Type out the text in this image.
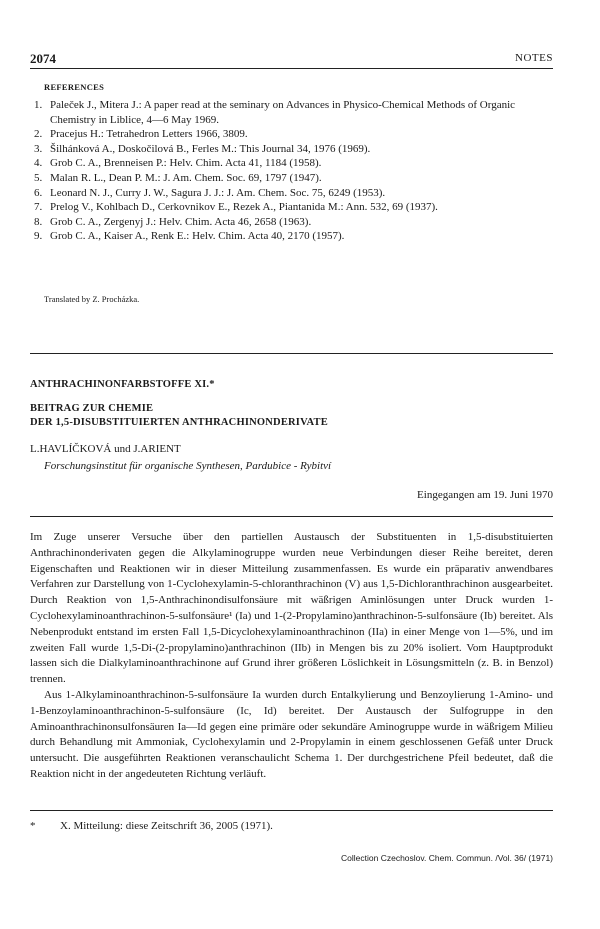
2074	NOTES
REFERENCES
1. Paleček J., Mitera J.: A paper read at the seminary on Advances in Physico-Chemical Methods of Organic Chemistry in Liblice, 4—6 May 1969.
2. Pracejus H.: Tetrahedron Letters 1966, 3809.
3. Šilhánková A., Doskočilová B., Ferles M.: This Journal 34, 1976 (1969).
4. Grob C. A., Brenneisen P.: Helv. Chim. Acta 41, 1184 (1958).
5. Malan R. L., Dean P. M.: J. Am. Chem. Soc. 69, 1797 (1947).
6. Leonard N. J., Curry J. W., Sagura J. J.: J. Am. Chem. Soc. 75, 6249 (1953).
7. Prelog V., Kohlbach D., Cerkovnikov E., Rezek A., Piantanida M.: Ann. 532, 69 (1937).
8. Grob C. A., Zergenyj J.: Helv. Chim. Acta 46, 2658 (1963).
9. Grob C. A., Kaiser A., Renk E.: Helv. Chim. Acta 40, 2170 (1957).
Translated by Z. Procházka.
ANTHRACHINONFARBSTOFFE XI.*
BEITRAG ZUR CHEMIE
DER 1,5-DISUBSTITUIERTEN ANTHRACHINONDERIVATE
L.HAVLÍČKOVÁ und J.ARIENT
Forschungsinstitut für organische Synthesen, Pardubice - Rybitví
Eingegangen am 19. Juni 1970

Im Zuge unserer Versuche über den partiellen Austausch der Substituenten in 1,5-disubstituierten Anthrachinonderivaten gegen die Alkylaminogruppe wurden neue Verbindungen dieser Reihe bereitet, deren Eigenschaften und Reaktionen wir in dieser Mitteilung zusammenfassen. Es wurde ein präparativ anwendbares Verfahren zur Darstellung von 1-Cyclohexylamin-5-chloranthrachinon (V) aus 1,5-Dichloranthrachinon ausgearbeitet. Durch Reaktion von 1,5-Anthrachinondisulfonsäure mit wäßrigen Aminlösungen unter Druck wurden 1-Cyclohexylaminoanthrachinon-5-sulfonsäure¹ (Ia) und 1-(2-Propylamino)anthrachinon-5-sulfonsäure (Ib) bereitet. Als Nebenprodukt entstand im ersten Fall 1,5-Dicyclohexylaminoanthrachinon (IIa) in einer Menge von 1—5%, und im zweiten Fall wurde 1,5-Di-(2-propylamino)anthrachinon (IIb) in Mengen bis zu 20% isoliert. Vom Hauptprodukt lassen sich die Dialkylaminoanthrachinone auf Grund ihrer größeren Löslichkeit in Lösungsmitteln (z. B. in Benzol) trennen.

Aus 1-Alkylaminoanthrachinon-5-sulfonsäure Ia wurden durch Entalkylierung und Benzoylierung 1-Amino- und 1-Benzoylaminoanthrachinon-5-sulfonsäure (Ic, Id) bereitet. Der Austausch der Sulfogruppe in den Aminoanthrachinonsulfonsäuren Ia—Id gegen eine primäre oder sekundäre Aminogruppe wurde in wäßrigem Milieu durch Behandlung mit Ammoniak, Cyclohexylamin und 2-Propylamin in einem geschlossenen Gefäß unter Druck untersucht. Die ausgeführten Reaktionen veranschaulicht Schema 1. Der durchgestrichene Pfeil bedeutet, daß die Reaktion nicht in der angedeuteten Richtung verläuft.

* X. Mitteilung: diese Zeitschrift 36, 2005 (1971).
Collection Czechoslov. Chem. Commun. /Vol. 36/ (1971)
